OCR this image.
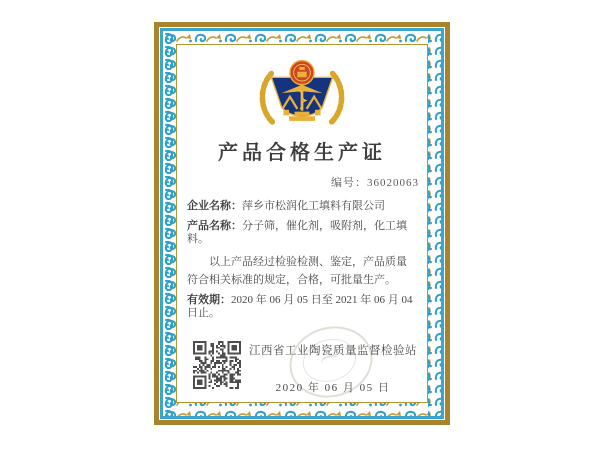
产品合格生产证
编号：36020063

企业名称：萍乡市松润化工填料有限公司

产品名称：分子筛，催化剂，吸附剂，化工填料。

以上产品经过检验检测、鉴定，产品质量符合相关标准的规定，合格，可批量生产。

有效期：2020 年 06 月 05 日至 2021 年 06 月 04 日止。

江西省工业陶瓷质量监督检验站
2020 年 06 月 05 日
